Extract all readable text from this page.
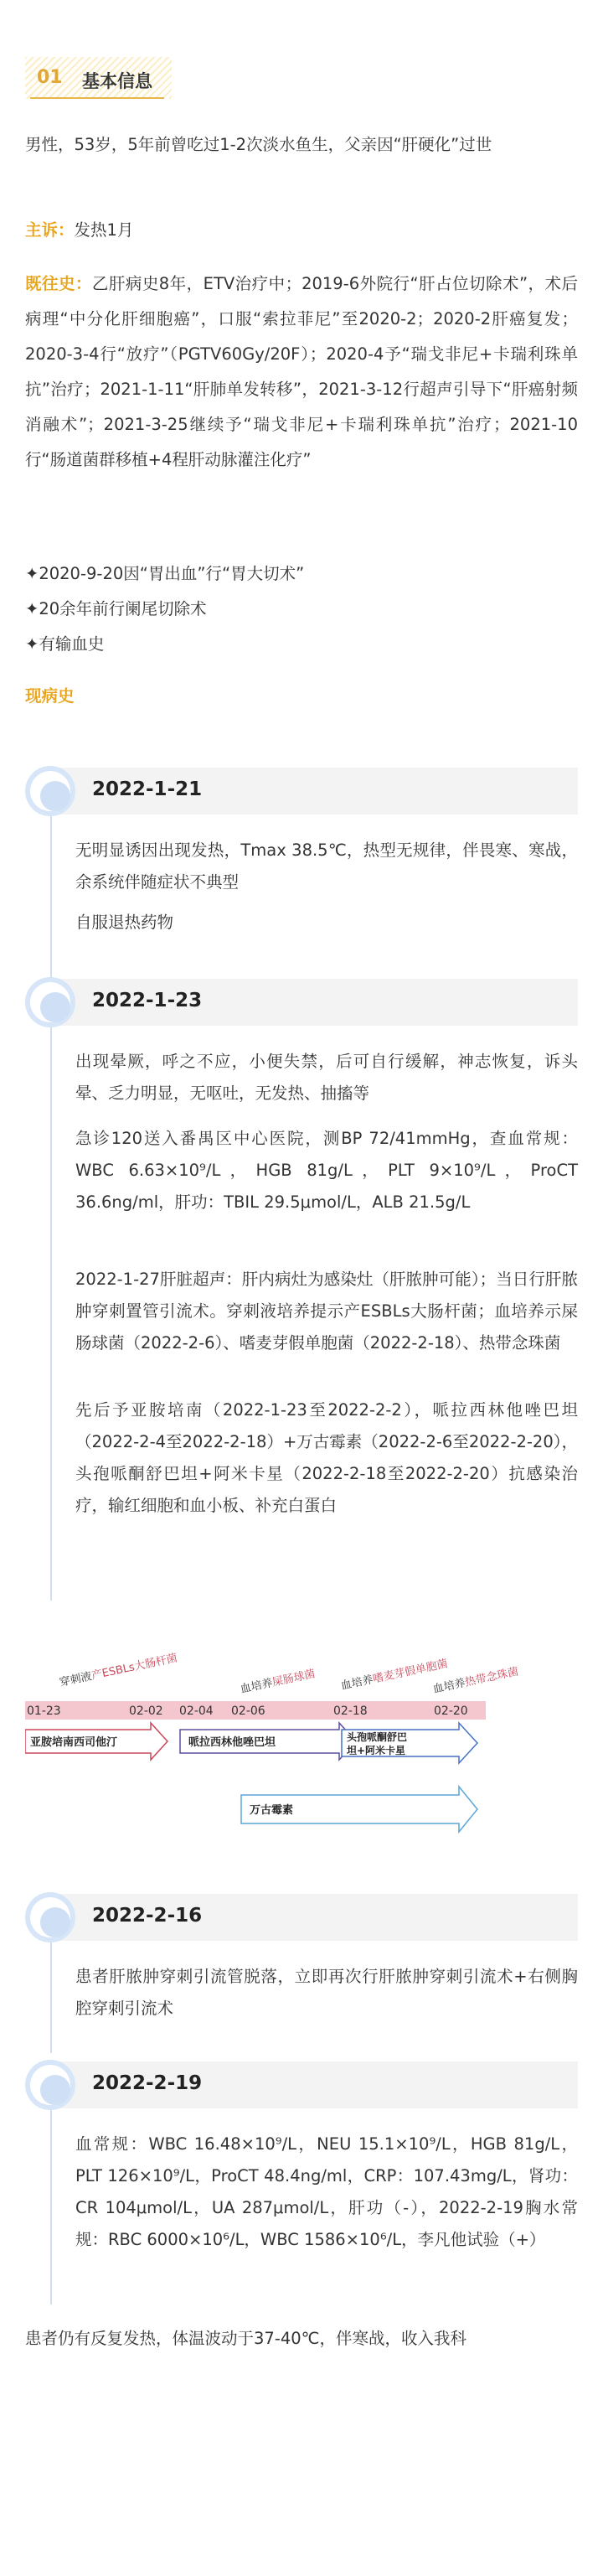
01 基本信息

男性，53岁，5年前曾吃过1-2次淡水鱼生，父亲因“肝硬化”过世

主诉：发热1月

既往史：乙肝病史8年，ETV治疗中；2019-6外院行“肝占位切除术”，术后病理“中分化肝细胞癌”，口服“索拉菲尼”至2020-2；2020-2肝癌复发；2020-3-4行“放疗”（PGTV60Gy/20F）；2020-4予“瑞戈非尼+卡瑞利珠单抗”治疗；2021-1-11“肝肺单发转移”，2021-3-12行超声引导下“肝癌射频消融术”；2021-3-25继续予“瑞戈非尼+卡瑞利珠单抗”治疗；2021-10行“肠道菌群移植+4程肝动脉灌注化疗”

✦2020-9-20因“胃出血”行“胃大切术”

✦20余年前行阑尾切除术

✦有输血史

现病史

2022-1-21

无明显诱因出现发热，Tmax 38.5℃，热型无规律，伴畏寒、寒战，余系统伴随症状不典型

自服退热药物

2022-1-23

出现晕厥，呼之不应，小便失禁，后可自行缓解，神志恢复，诉头晕、乏力明显，无呕吐，无发热、抽搐等

急诊120送入番禺区中心医院，测BP 72/41mmHg，查血常规：WBC 6.63×10⁹/L，HGB 81g/L，PLT 9×10⁹/L，ProCT 36.6ng/ml，肝功：TBIL 29.5μmol/L，ALB 21.5g/L

2022-1-27肝脏超声：肝内病灶为感染灶（肝脓肿可能）；当日行肝脓肿穿刺置管引流术。穿刺液培养提示产ESBLs大肠杆菌；血培养示屎肠球菌（2022-2-6）、嗜麦芽假单胞菌（2022-2-18）、热带念珠菌

先后予亚胺培南（2022-1-23至2022-2-2），哌拉西林他唑巴坦（2022-2-4至2022-2-18）+万古霉素（2022-2-6至2022-2-20），头孢哌酮舒巴坦+阿米卡星（2022-2-18至2022-2-20）抗感染治疗，输红细胞和血小板、补充白蛋白

穿刺液产ESBLs大肠杆菌
血培养屎肠球菌 血培养嗜麦芽假单胞菌
血培养热带念珠菌
01-23	02-02 02-04 02-06	02-18	02-20
亚胺培南西司他汀	哌拉西林他唑巴坦	头孢哌酮舒巴 坦+阿米卡星
万古霉素
2022-2-16

患者肝脓肿穿刺引流管脱落，立即再次行肝脓肿穿刺引流术+右侧胸腔穿刺引流术

2022-2-19

血常规：WBC 16.48×10⁹/L，NEU 15.1×10⁹/L，HGB 81g/L，PLT 126×10⁹/L，ProCT 48.4ng/ml，CRP：107.43mg/L，肾功：CR 104μmol/L，UA 287μmol/L，肝功（-），2022-2-19胸水常规：RBC 6000×10⁶/L，WBC 1586×10⁶/L，李凡他试验（+）

患者仍有反复发热，体温波动于37-40℃，伴寒战，收入我科
